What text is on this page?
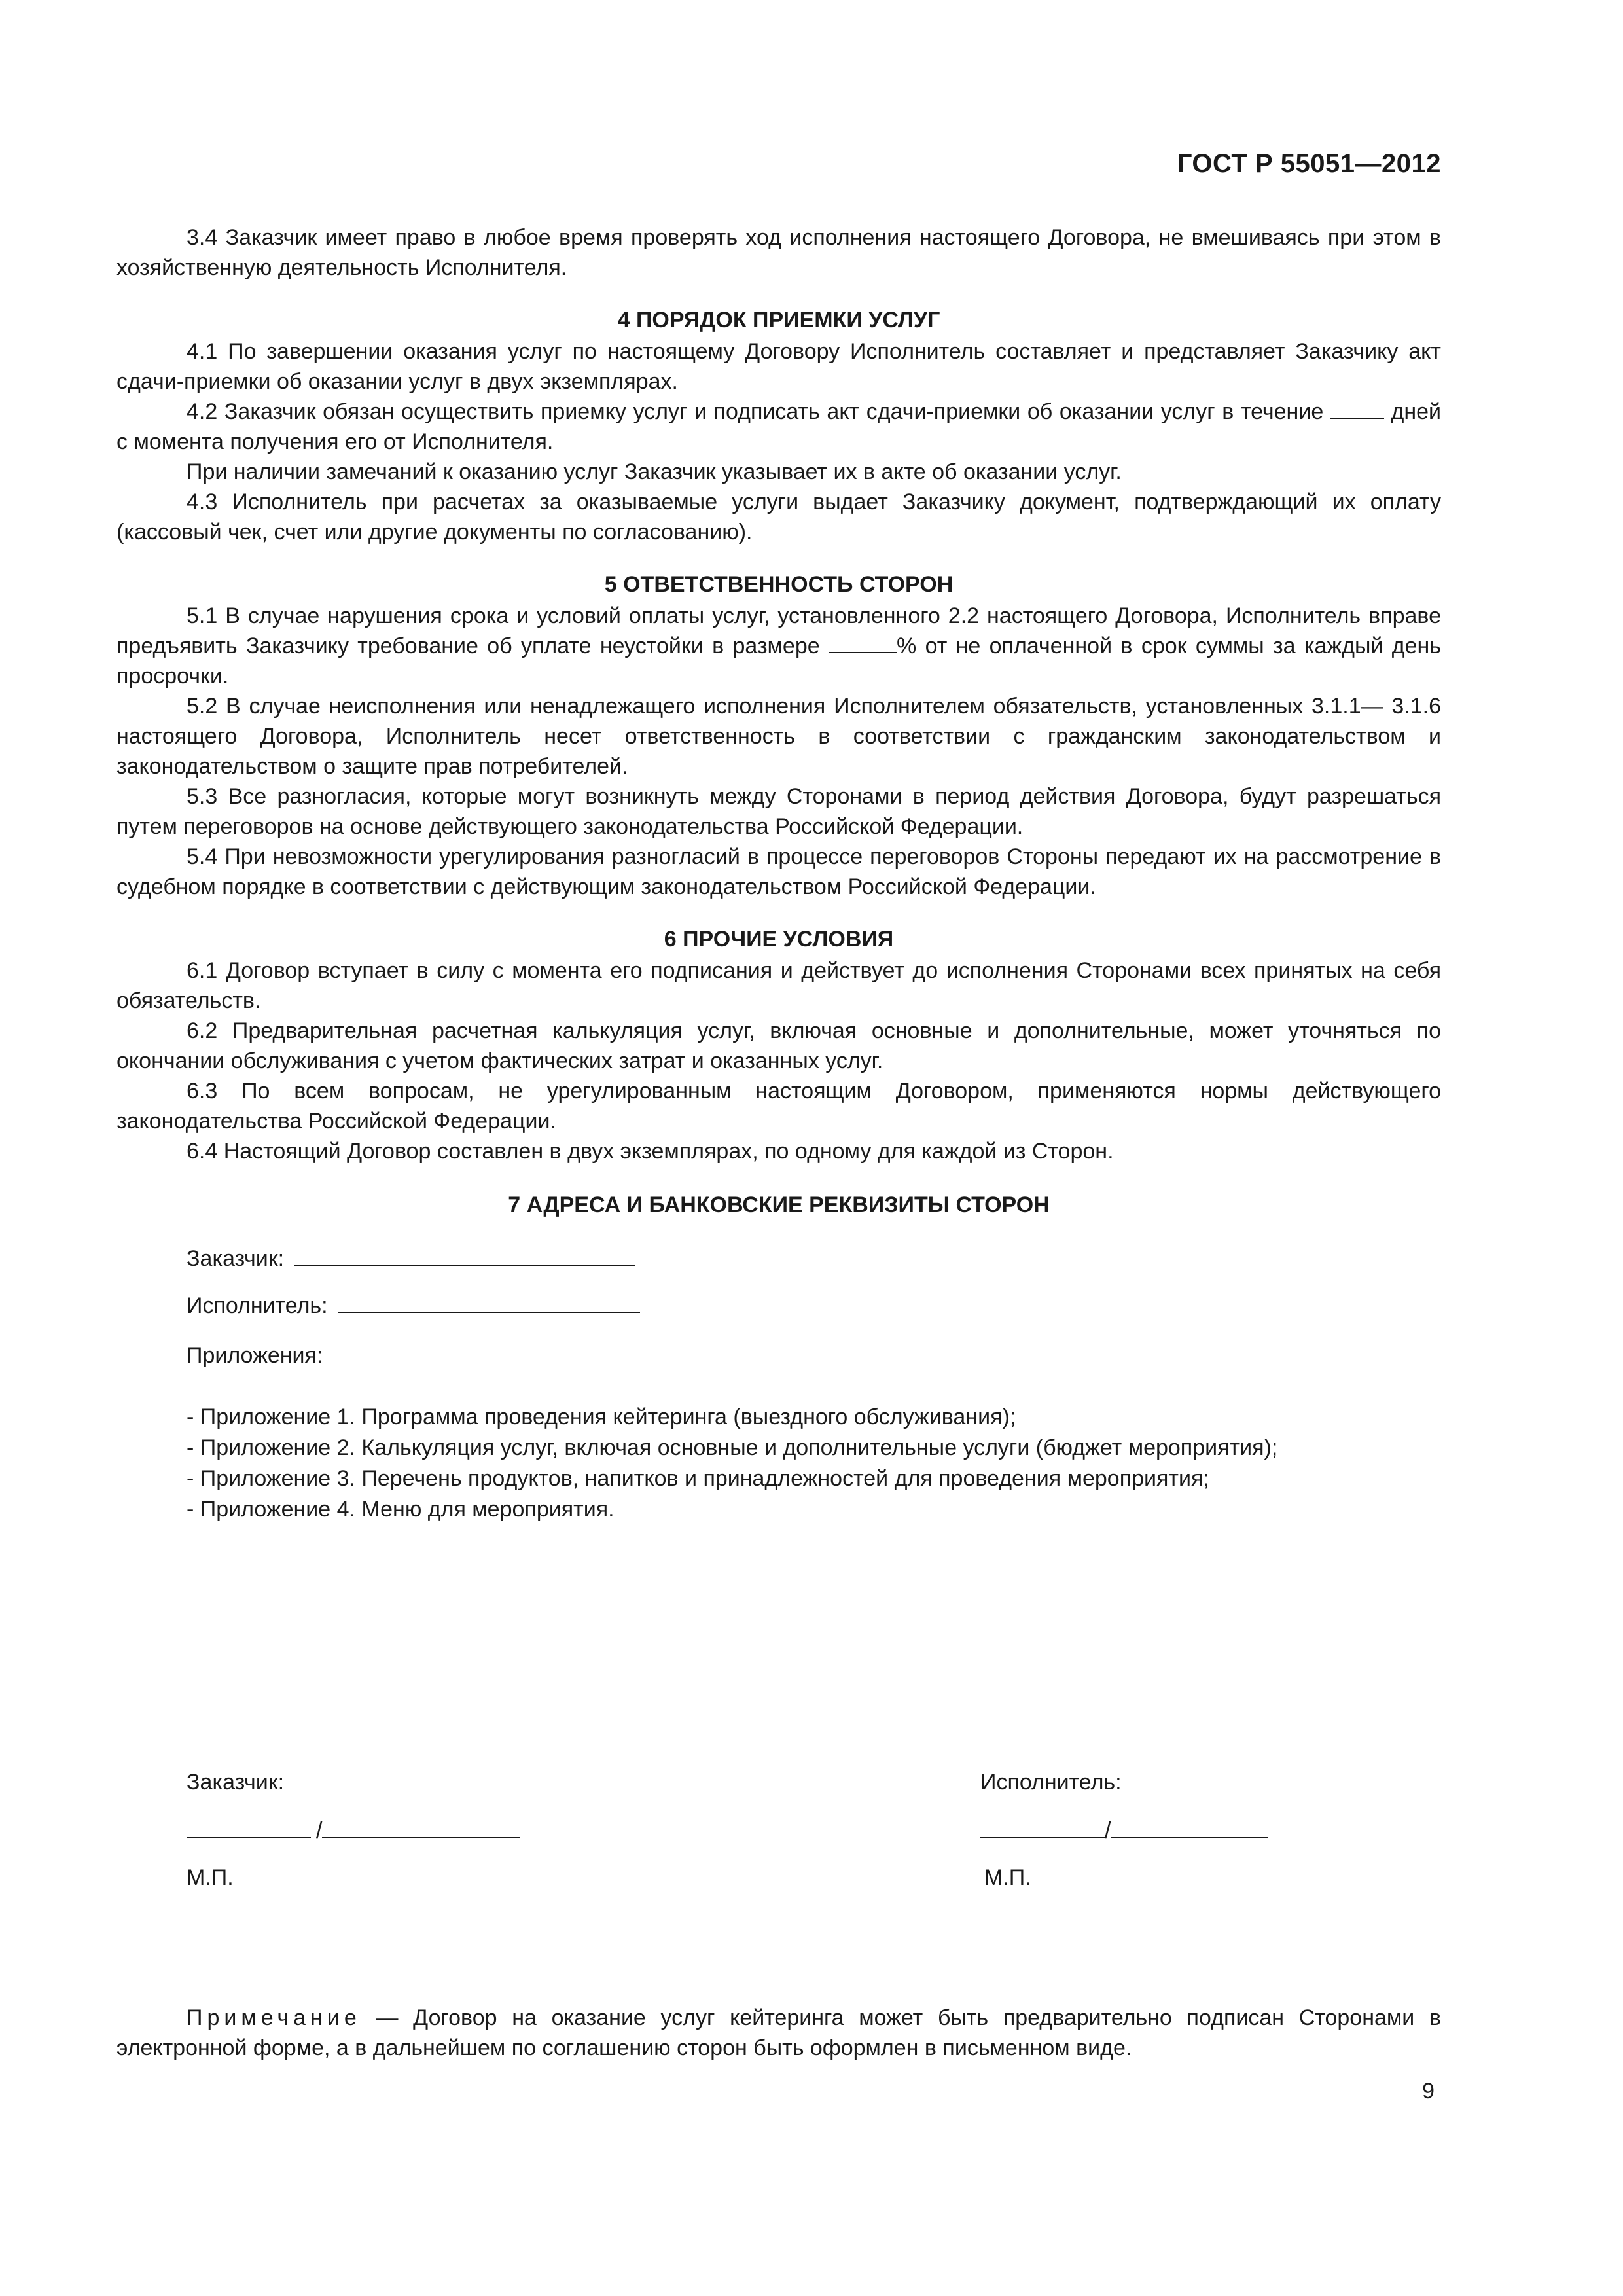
ГОСТ Р 55051—2012

3.4 Заказчик имеет право в любое время проверять ход исполнения настоящего Договора, не вмешиваясь при этом в хозяйственную деятельность Исполнителя.

4 ПОРЯДОК ПРИЕМКИ УСЛУГ

4.1 По завершении оказания услуг по настоящему Договору Исполнитель составляет и представляет Заказчику акт сдачи-приемки об оказании услуг в двух экземплярах.

4.2 Заказчик обязан осуществить приемку услуг и подписать акт сдачи-приемки об оказании услуг в течение	дней с момента получения его от Исполнителя.

При наличии замечаний к оказанию услуг Заказчик указывает их в акте об оказании услуг.

4.3 Исполнитель при расчетах за оказываемые услуги выдает Заказчику документ, подтверждающий их оплату (кассовый чек, счет или другие документы по согласованию).

5 ОТВЕТСТВЕННОСТЬ СТОРОН

5.1 В случае нарушения срока и условий оплаты услуг, установленного 2.2 настоящего Договора, Исполнитель вправе предъявить Заказчику требование об уплате неустойки в размере	% от не оплаченной в срок суммы за каждый день просрочки.

5.2 В случае неисполнения или ненадлежащего исполнения Исполнителем обязательств, установленных 3.1.1— 3.1.6 настоящего Договора, Исполнитель несет ответственность в соответствии с гражданским законодательством и законодательством о защите прав потребителей.

5.3 Все разногласия, которые могут возникнуть между Сторонами в период действия Договора, будут разрешаться путем переговоров на основе действующего законодательства Российской Федерации.

5.4 При невозможности урегулирования разногласий в процессе переговоров Стороны передают их на рассмотрение в судебном порядке в соответствии с действующим законодательством Российской Федерации.

6 ПРОЧИЕ УСЛОВИЯ

6.1 Договор вступает в силу с момента его подписания и действует до исполнения Сторонами всех принятых на себя обязательств.

6.2 Предварительная расчетная калькуляция услуг, включая основные и дополнительные, может уточняться по окончании обслуживания с учетом фактических затрат и оказанных услуг.

6.3 По всем вопросам, не урегулированным настоящим Договором, применяются нормы действующего законодательства Российской Федерации.

6.4 Настоящий Договор составлен в двух экземплярах, по одному для каждой из Сторон.

7 АДРЕСА И БАНКОВСКИЕ РЕКВИЗИТЫ СТОРОН
Заказчик:
Исполнитель:
Приложения:
- Приложение 1. Программа проведения кейтеринга (выездного обслуживания);
- Приложение 2. Калькуляция услуг, включая основные и дополнительные услуги (бюджет мероприятия);
- Приложение 3. Перечень продуктов, напитков и принадлежностей для проведения мероприятия;
- Приложение 4. Меню для мероприятия.
Заказчик:
/
М.П.
Исполнитель:
/
М.П.

Примечание — Договор на оказание услуг кейтеринга может быть предварительно подписан Сторонами в электронной форме, а в дальнейшем по соглашению сторон быть оформлен в письменном виде.

9
